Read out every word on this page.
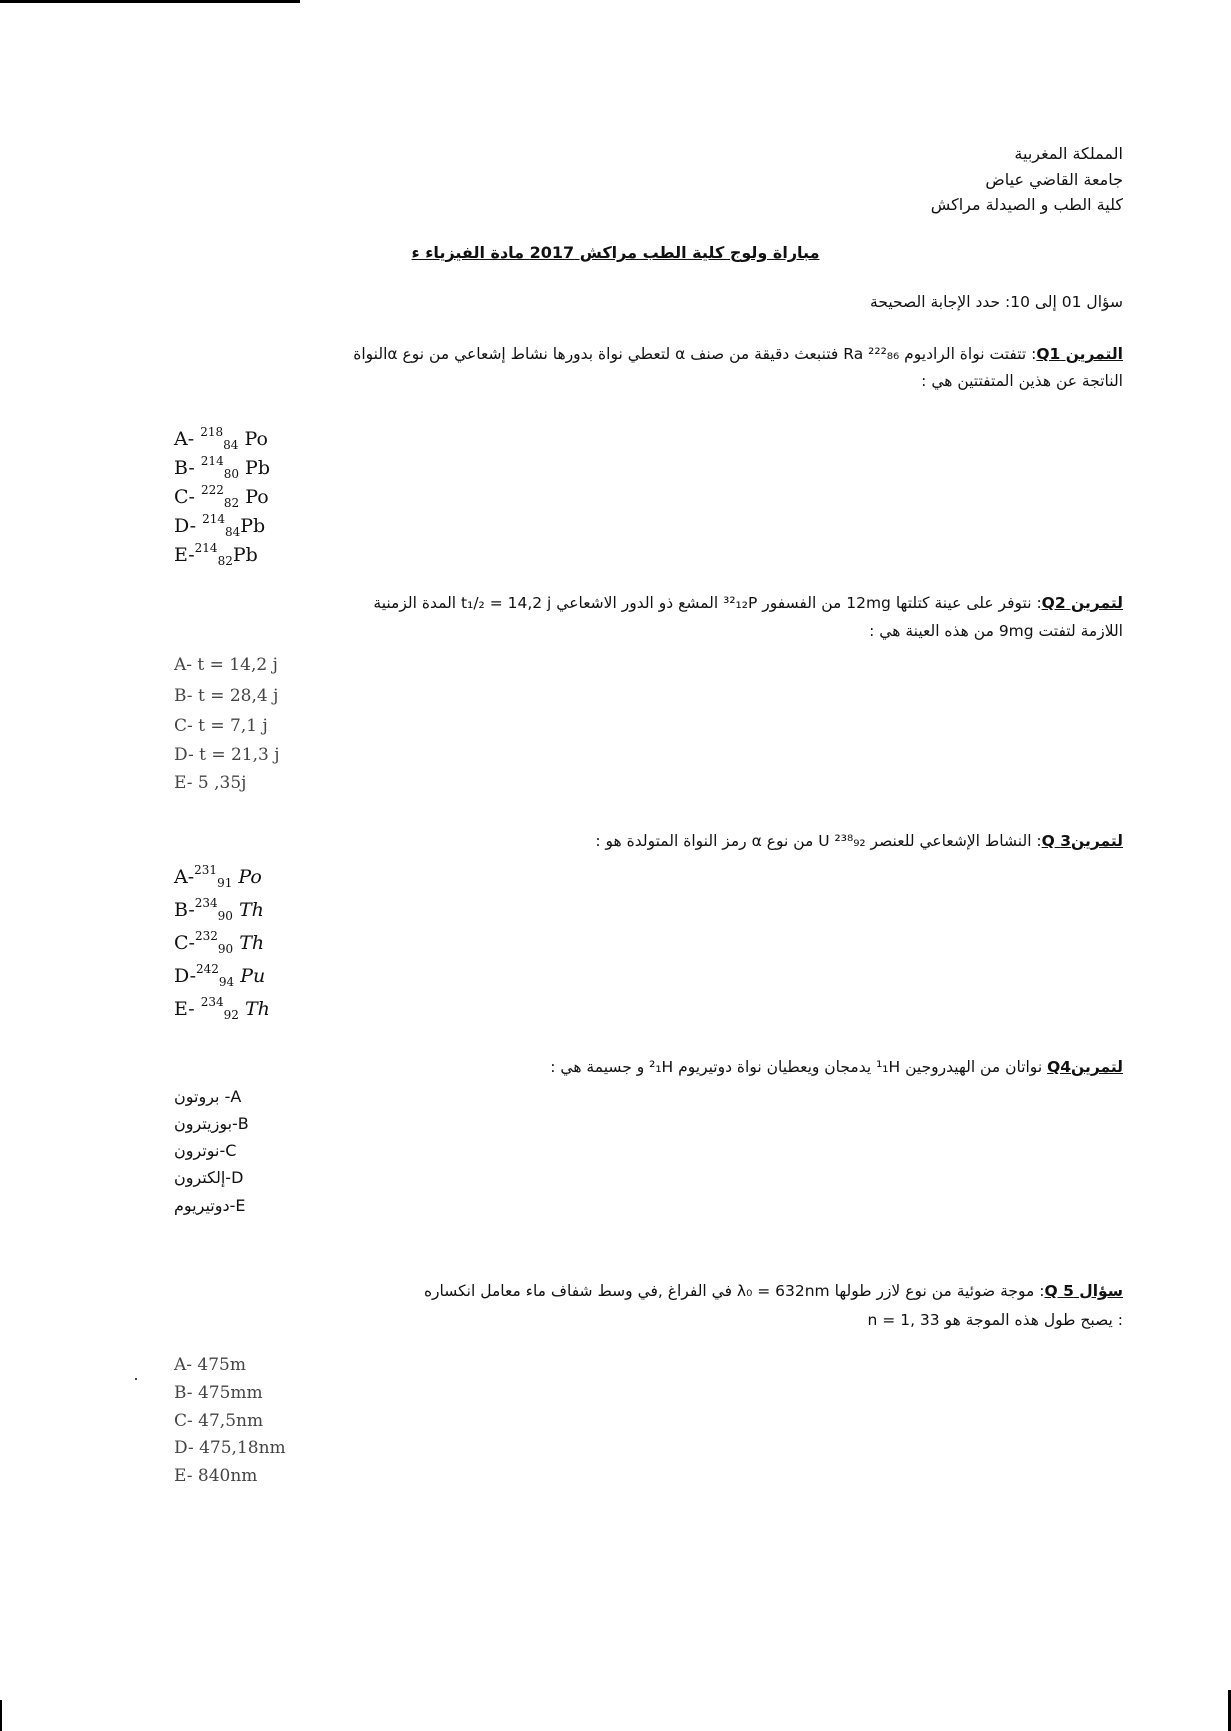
المملكة المغربية
جامعة القاضي عياض
كلية الطب و الصيدلة مراكش
مباراة ولوج كلية الطب مراكش 2017 مادة الفيزياء ء
سؤال 01 إلى 10: حدد الإجابة الصحيحة
التمرين Q1: تتفتت نواة الراديوم ²²²₈₆ Ra فتنبعث دقيقة من صنف α لتعطي نواة بدورها نشاط إشعاعي من نوع αالنواة
الناتجة عن هذين المتفتتين هي :
A- $^{218}_{84}$ Po
B- $^{214}_{80}$ Pb
C- $^{222}_{82}$ Po
D- $^{214}_{84}$Pb
E-$^{214}_{82}$Pb
لتمرين Q2: نتوفر على عينة كتلتها 12mg من الفسفور ³²₁₂P المشع ذو الدور الاشعاعي t₁/₂ = 14,2 j المدة الزمنية
اللازمة لتفتت 9mg من هذه العينة هي :
A- t = 14,2 j
B- t = 28,4 j
C- t = 7,1 j
D- t = 21,3 j
E- 5 ,35j
لتمرين3 Q: النشاط الإشعاعي للعنصر ²³⁸₉₂ U من نوع α رمز النواة المتولدة هو :
A-$^{231}_{91}$ Po
B-$^{234}_{90}$ Th
C-$^{232}_{90}$ Th
D-$^{242}_{94}$ Pu
E- $^{234}_{92}$ Th
لتمرينQ4 نواتان من الهيدروجين ¹₁H يدمجان ويعطيان نواة دوتيريوم ²₁H و جسيمة هي :
بروتون -A
بوزيترون-B
نوترون-C
إلكترون-D
دوتيريوم-E
سؤال 5 Q: موجة ضوئية من نوع لازر طولها λ₀ = 632nm في الفراغ ,في وسط شفاف ماء معامل انكساره
n = 1, 33 يصبح طول هذه الموجة هو :
A- 475m
B- 475mm
C- 47,5nm
D- 475,18nm
E- 840nm
